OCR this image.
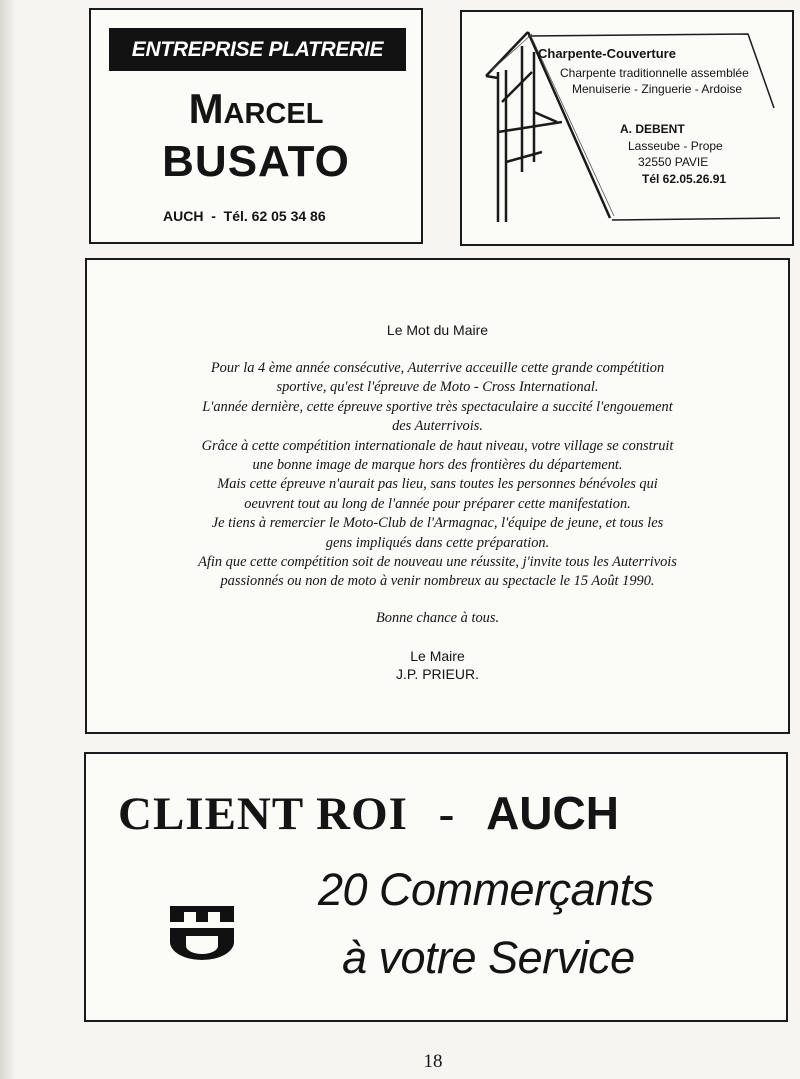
ENTREPRISE PLATRERIE
Marcel
BUSATO
AUCH  -  Tél. 62 05 34 86
Charpente-Couverture
Charpente traditionnelle assemblée
Menuiserie - Zinguerie - Ardoise
A. DEBENT
Lasseube - Prope
32550 PAVIE
Tél 62.05.26.91
Le Mot du Maire
Pour la 4 ème année consécutive, Auterrive acceuille cette grande compétition
sportive, qu'est l'épreuve de Moto - Cross International.
L'année dernière, cette épreuve sportive très spectaculaire a succité l'engouement
des Auterrivois.
Grâce à cette compétition internationale de haut niveau, votre village se construit
une bonne image de marque hors des frontières du département.
Mais cette épreuve n'aurait pas lieu, sans toutes les personnes bénévoles qui
oeuvrent tout au long de l'année pour préparer cette manifestation.
Je tiens à remercier le Moto-Club de l'Armagnac, l'équipe de jeune, et tous les
gens impliqués dans cette préparation.
Afin que cette compétition soit de nouveau une réussite, j'invite tous les Auterrivois
passionnés ou non de moto à venir nombreux au spectacle le 15 Août 1990.
Bonne chance à tous.
Le Maire
J.P. PRIEUR.
CLIENT ROI - AUCH
20 Commerçants
à votre Service
18
